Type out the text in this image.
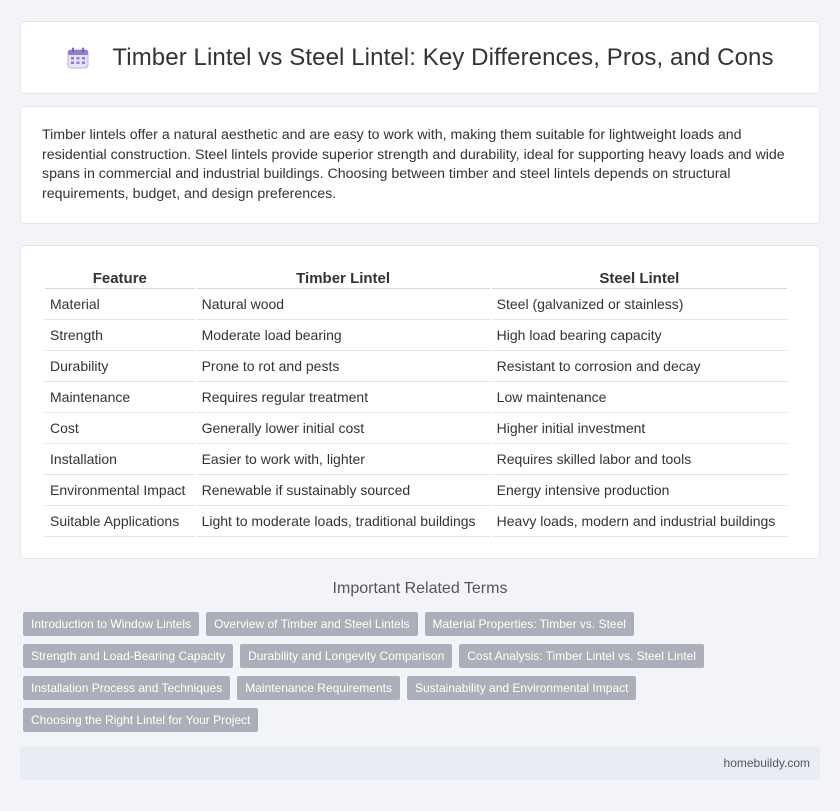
Timber Lintel vs Steel Lintel: Key Differences, Pros, and Cons

Timber lintels offer a natural aesthetic and are easy to work with, making them suitable for lightweight loads and residential construction. Steel lintels provide superior strength and durability, ideal for supporting heavy loads and wide spans in commercial and industrial buildings. Choosing between timber and steel lintels depends on structural requirements, budget, and design preferences.

Feature	Timber Lintel	Steel Lintel
Material	Natural wood	Steel (galvanized or stainless)
Strength	Moderate load bearing	High load bearing capacity
Durability	Prone to rot and pests	Resistant to corrosion and decay
Maintenance	Requires regular treatment	Low maintenance
Cost	Generally lower initial cost	Higher initial investment
Installation	Easier to work with, lighter	Requires skilled labor and tools
Environmental Impact	Renewable if sustainably sourced	Energy intensive production
Suitable Applications	Light to moderate loads, traditional buildings	Heavy loads, modern and industrial buildings
Important Related Terms
Introduction to Window Lintels	Overview of Timber and Steel Lintels	Material Properties: Timber vs. Steel
Strength and Load-Bearing Capacity	Durability and Longevity Comparison	Cost Analysis: Timber Lintel vs. Steel Lintel
Installation Process and Techniques	Maintenance Requirements	Sustainability and Environmental Impact
Choosing the Right Lintel for Your Project
homebuildy.com
